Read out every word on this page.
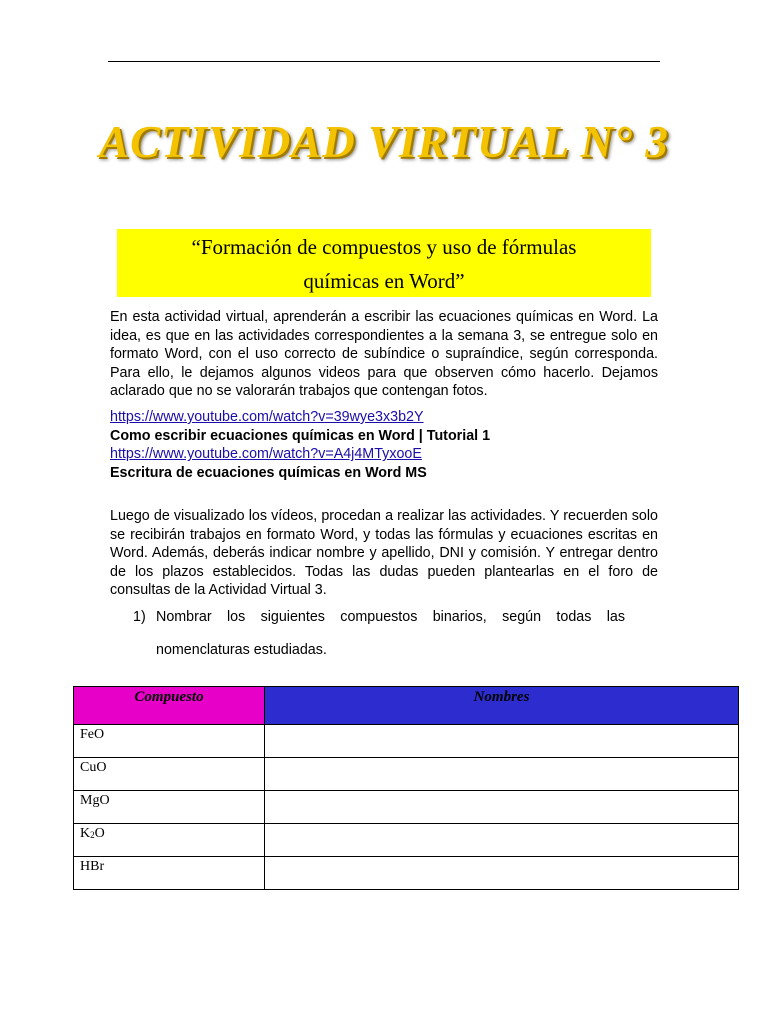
ACTIVIDAD VIRTUAL N° 3
“Formación de compuestos y uso de fórmulas
químicas en Word”

En esta actividad virtual, aprenderán a escribir las ecuaciones químicas en Word. La idea, es que en las actividades correspondientes a la semana 3, se entregue solo en formato Word, con el uso correcto de subíndice o supraíndice, según corresponda. Para ello, le dejamos algunos videos para que observen cómo hacerlo. Dejamos aclarado que no se valorarán trabajos que contengan fotos.

https://www.youtube.com/watch?v=39wye3x3b2Y
Como escribir ecuaciones químicas en Word | Tutorial 1
https://www.youtube.com/watch?v=A4j4MTyxooE
Escritura de ecuaciones químicas en Word MS

Luego de visualizado los vídeos, procedan a realizar las actividades. Y recuerden solo se recibirán trabajos en formato Word, y todas las fórmulas y ecuaciones escritas en Word. Además, deberás indicar nombre y apellido, DNI y comisión. Y entregar dentro de los plazos establecidos. Todas las dudas pueden plantearlas en el foro de consultas de la Actividad Virtual 3.

1) Nombrar los siguientes compuestos binarios, según todas las
nomenclaturas estudiadas.
Compuesto	Nombres
FeO	
CuO	
MgO	
$K_2O$	
HBr	
